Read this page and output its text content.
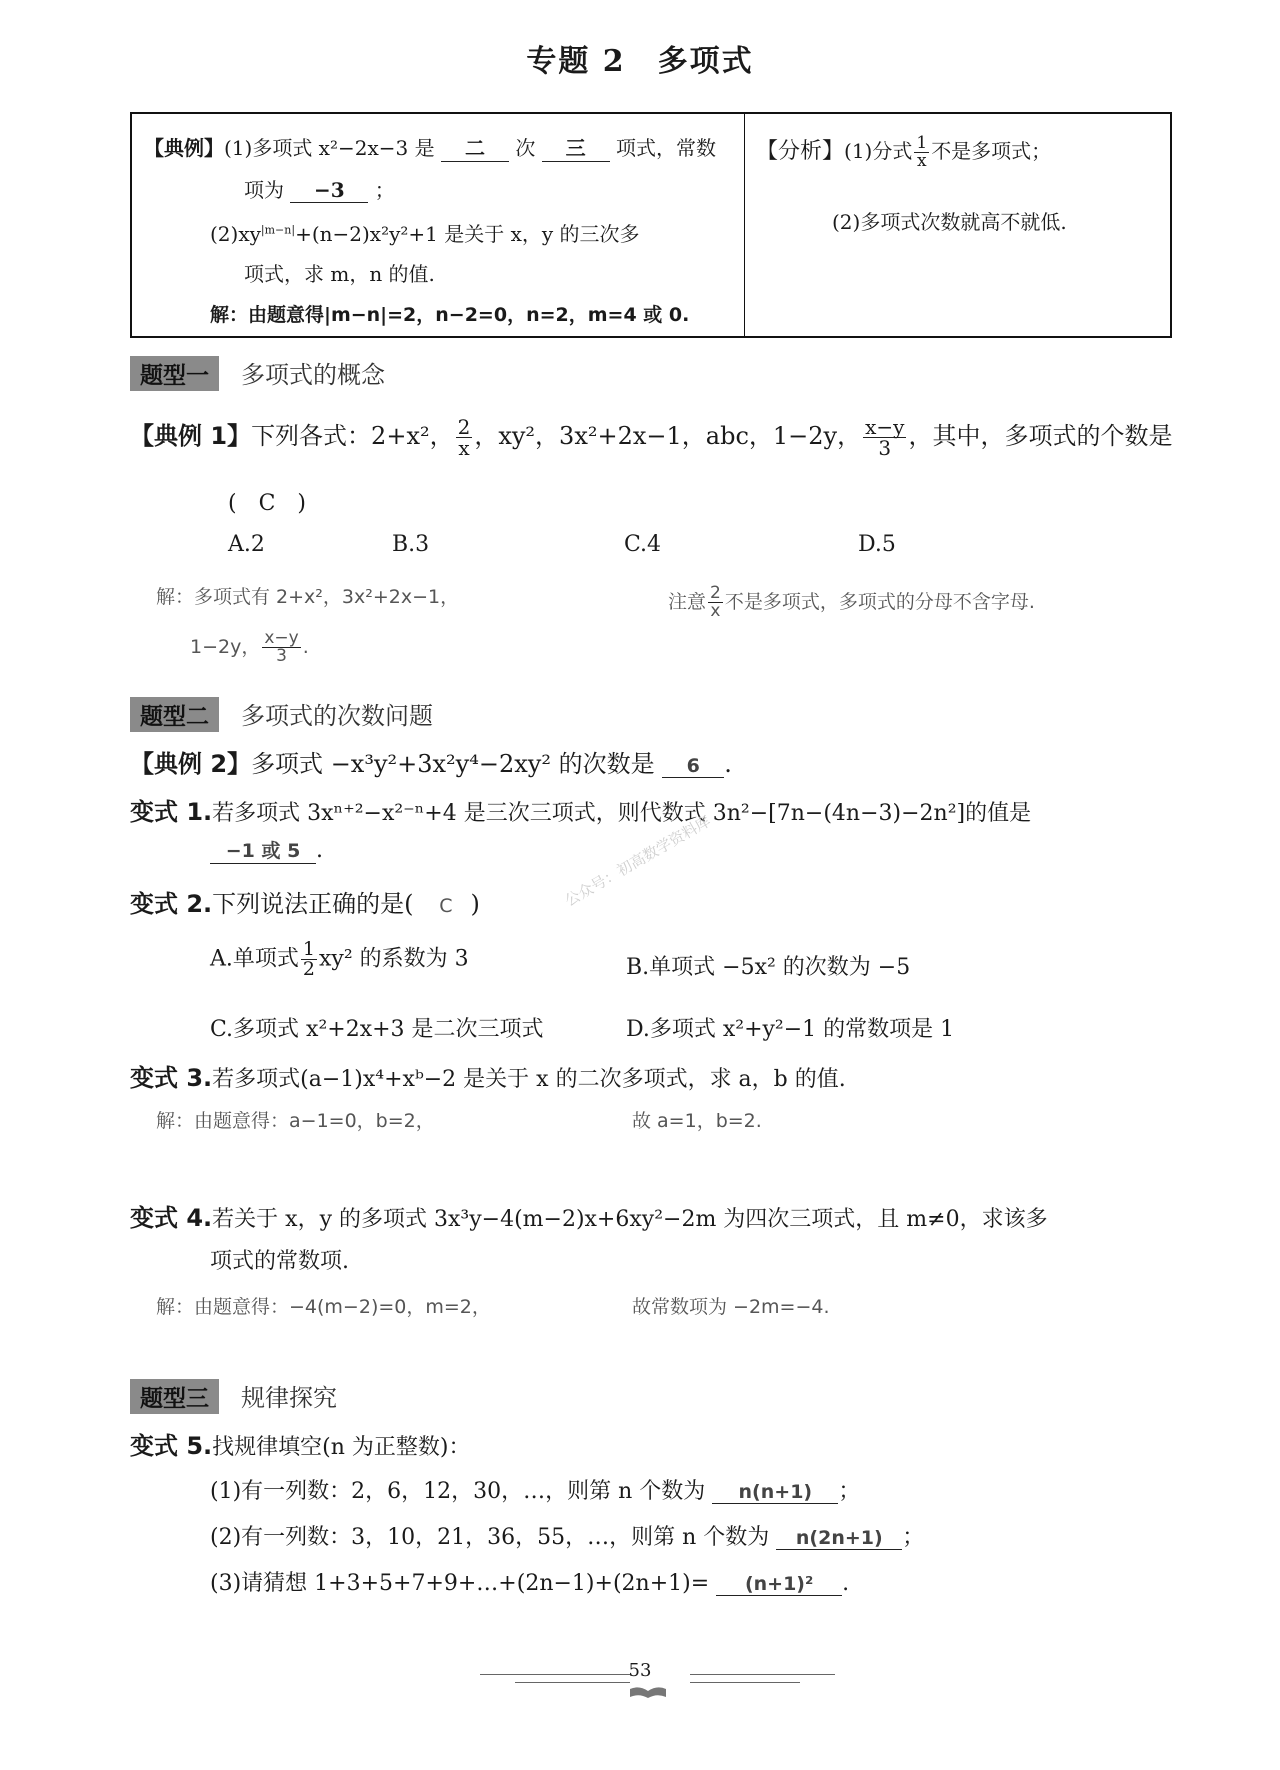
专题 2　多项式
【典例】(1)多项式 x²−2x−3 是 二 次 三 项式，常数
项为 −3 ；
$(2)xy^{|m-n|}+(n-2)x^2y^2+1$ 是关于 x，y 的三次多
项式，求 m，n 的值.
解：由题意得|m−n|=2，n−2=0，n=2，m=4 或 0.
【分析】(1)分式 $\frac{1}{x}$ 不是多项式；
(2)多项式次数就高不就低.
题型一 多项式的概念
【典例 1】下列各式：2+x²， $\frac{2}{x}$ ，xy²，3x²+2x−1，abc，1−2y， $\frac{x-y}{3}$ ，其中，多项式的个数是
(　C　)
A.2	B.3	C.4	D.5
解：多项式有 2+x²，3x²+2x−1，
1−2y， $\frac{x-y}{3}$ .
注意 $\frac{2}{x}$ 不是多项式，多项式的分母不含字母.
题型二 多项式的次数问题
【典例 2】多项式 −x³y²+3x²y⁴−2xy² 的次数是 6 .
变式 1.若多项式 3xⁿ⁺²−x²⁻ⁿ+4 是三次三项式，则代数式 3n²−[7n−(4n−3)−2n²]的值是
−1 或 5 .
变式 2.下列说法正确的是( C )
A.单项式 $\frac{1}{2} xy^2$ 的系数为 3	B.单项式 −5x² 的次数为 −5
C.多项式 x²+2x+3 是二次三项式	D.多项式 x²+y²−1 的常数项是 1
变式 3.若多项式(a−1)x⁴+xᵇ−2 是关于 x 的二次多项式，求 a，b 的值.
解：由题意得：a−1=0，b=2，	故 a=1，b=2.
变式 4.若关于 x，y 的多项式 3x³y−4(m−2)x+6xy²−2m 为四次三项式，且 m≠0，求该多
项式的常数项.
解：由题意得：−4(m−2)=0，m=2，	故常数项为 −2m=−4.
题型三 规律探究
变式 5.找规律填空(n 为正整数)：
(1)有一列数：2，6，12，30，…，则第 n 个数为 n(n+1) ；
(2)有一列数：3，10，21，36，55，…，则第 n 个数为 n(2n+1) ；
(3)请猜想 1+3+5+7+9+…+(2n−1)+(2n+1)= (n+1)² .
公众号：初高数学资料库
53
